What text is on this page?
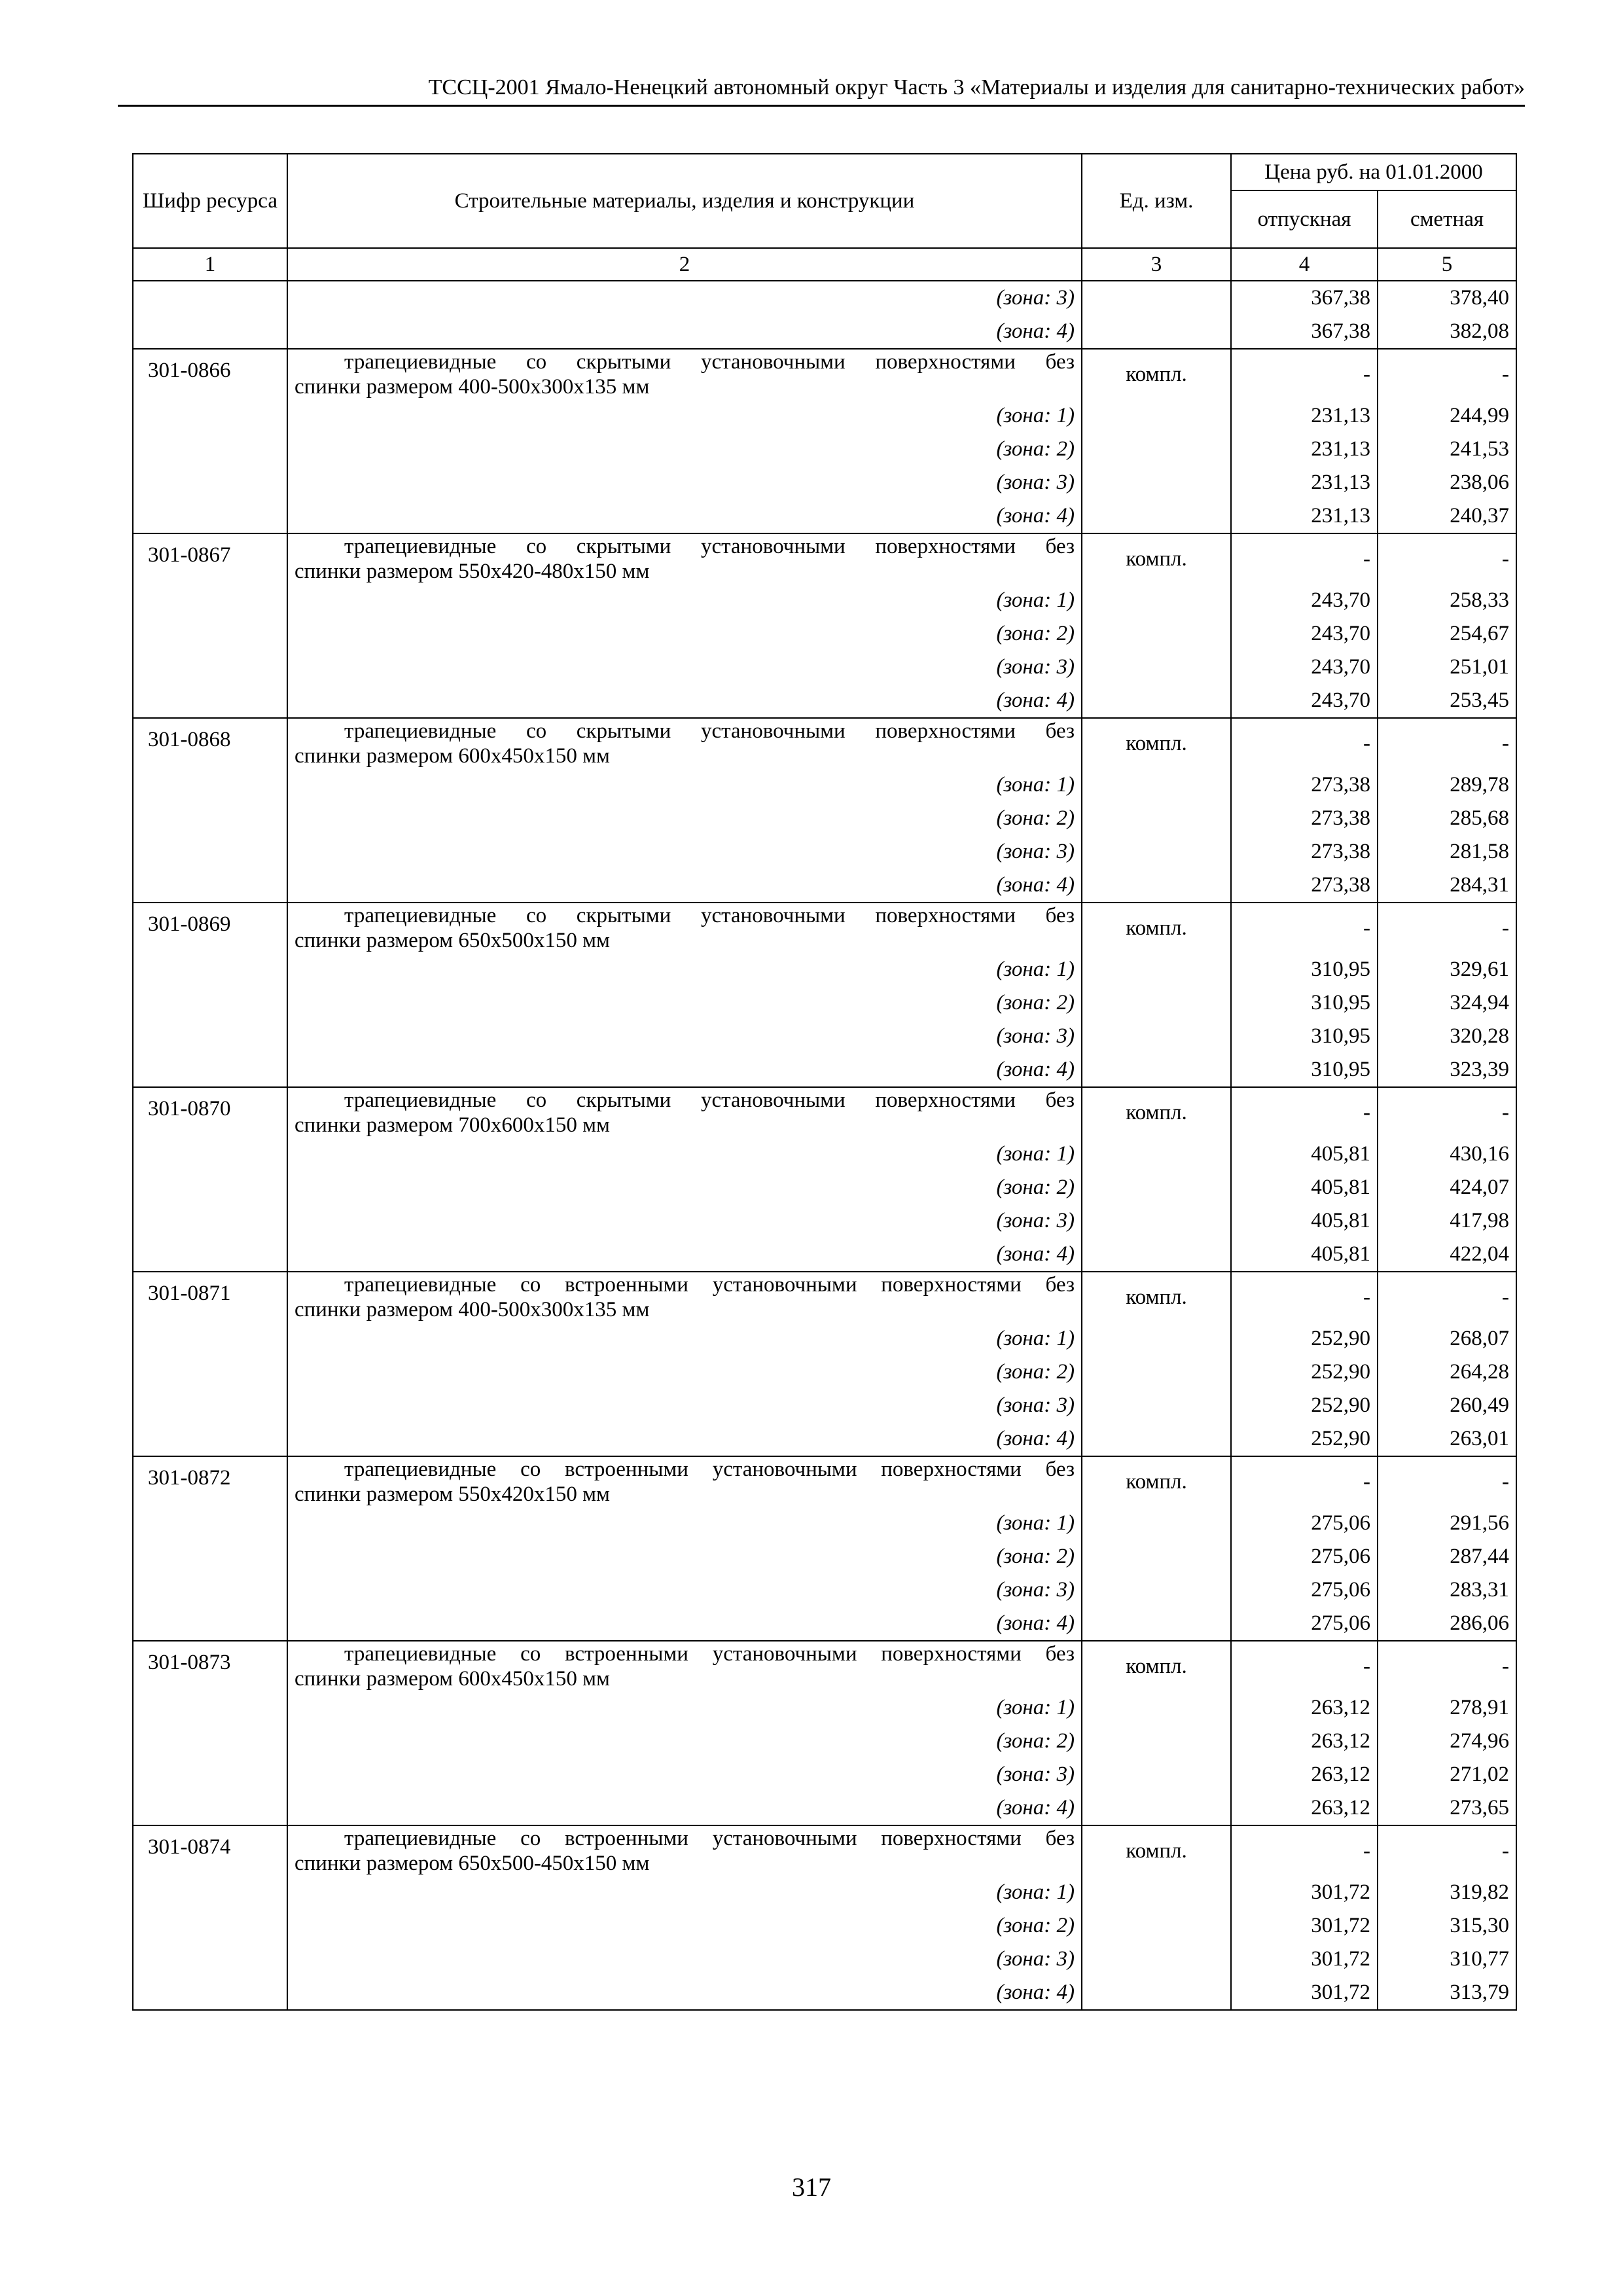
ТССЦ-2001 Ямало-Ненецкий автономный округ Часть 3 «Материалы и изделия для санитарно-технических работ»
Шифр ресурса	Строительные материалы, изделия и конструкции	Ед. изм.	Цена руб. на 01.01.2000	
			отпускная	сметная
1	2	3	4	5
	(зона: 3)		367,38	378,40
	(зона: 4)		367,38	382,08
301-0866	трапециевидные со скрытыми установочными поверхностями без
спинки размером 400-500х300х135 мм	компл.	-	-
	(зона: 1)		231,13	244,99
	(зона: 2)		231,13	241,53
	(зона: 3)		231,13	238,06
	(зона: 4)		231,13	240,37
301-0867	трапециевидные со скрытыми установочными поверхностями без
спинки размером 550х420-480х150 мм	компл.	-	-
	(зона: 1)		243,70	258,33
	(зона: 2)		243,70	254,67
	(зона: 3)		243,70	251,01
	(зона: 4)		243,70	253,45
301-0868	трапециевидные со скрытыми установочными поверхностями без
спинки размером 600х450х150 мм	компл.	-	-
	(зона: 1)		273,38	289,78
	(зона: 2)		273,38	285,68
	(зона: 3)		273,38	281,58
	(зона: 4)		273,38	284,31
301-0869	трапециевидные со скрытыми установочными поверхностями без
спинки размером 650х500х150 мм	компл.	-	-
	(зона: 1)		310,95	329,61
	(зона: 2)		310,95	324,94
	(зона: 3)		310,95	320,28
	(зона: 4)		310,95	323,39
301-0870	трапециевидные со скрытыми установочными поверхностями без
спинки размером 700х600х150 мм	компл.	-	-
	(зона: 1)		405,81	430,16
	(зона: 2)		405,81	424,07
	(зона: 3)		405,81	417,98
	(зона: 4)		405,81	422,04
301-0871	трапециевидные со встроенными установочными поверхностями без
спинки размером 400-500х300х135 мм	компл.	-	-
	(зона: 1)		252,90	268,07
	(зона: 2)		252,90	264,28
	(зона: 3)		252,90	260,49
	(зона: 4)		252,90	263,01
301-0872	трапециевидные со встроенными установочными поверхностями без
спинки размером 550х420х150 мм	компл.	-	-
	(зона: 1)		275,06	291,56
	(зона: 2)		275,06	287,44
	(зона: 3)		275,06	283,31
	(зона: 4)		275,06	286,06
301-0873	трапециевидные со встроенными установочными поверхностями без
спинки размером 600х450х150 мм	компл.	-	-
	(зона: 1)		263,12	278,91
	(зона: 2)		263,12	274,96
	(зона: 3)		263,12	271,02
	(зона: 4)		263,12	273,65
301-0874	трапециевидные со встроенными установочными поверхностями без
спинки размером 650х500-450х150 мм	компл.	-	-
	(зона: 1)		301,72	319,82
	(зона: 2)		301,72	315,30
	(зона: 3)		301,72	310,77
	(зона: 4)		301,72	313,79
317
